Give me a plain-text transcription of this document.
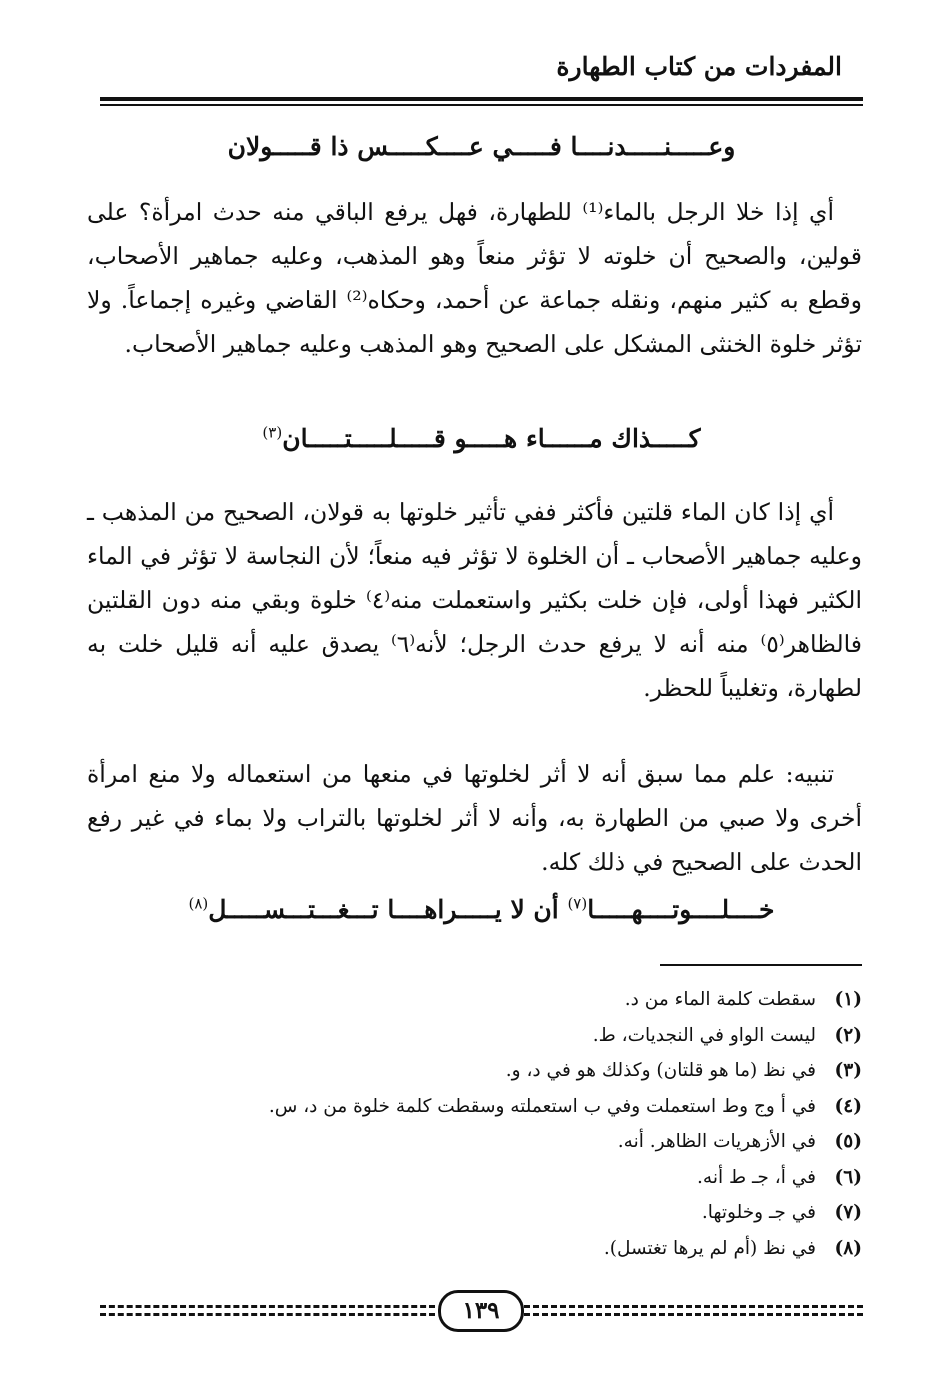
المفردات من كتاب الطهارة
وعـــــنـــــدنــــا فـــــي عــــكـــــس ذا قـــــولان
أي إذا خلا الرجل بالماء⁽¹⁾ للطهارة، فهل يرفع الباقي منه حدث امرأة؟ على قولين، والصحيح أن خلوته لا تؤثر منعاً وهو المذهب، وعليه جماهير الأصحاب، وقطع به كثير منهم، ونقله جماعة عن أحمد، وحكاه⁽²⁾ القاضي وغيره إجماعاً. ولا تؤثر خلوة الخنثى المشكل على الصحيح وهو المذهب وعليه جماهير الأصحاب.
كـــــذاك مــــــاء هـــــو قـــــلـــــتـــــان$^{(٣)}$
أي إذا كان الماء قلتين فأكثر ففي تأثير خلوتها به قولان، الصحيح من المذهب ـ وعليه جماهير الأصحاب ـ أن الخلوة لا تؤثر فيه منعاً؛ لأن النجاسة لا تؤثر في الماء الكثير فهذا أولى، فإن خلت بكثير واستعملت منه⁽٤⁾ خلوة وبقي منه دون القلتين فالظاهر⁽٥⁾ منه أنه لا يرفع حدث الرجل؛ لأنه⁽٦⁾ يصدق عليه أنه قليل خلت به لطهارة، وتغليباً للحظر.
تنبيه: علم مما سبق أنه لا أثر لخلوتها في منعها من استعماله ولا منع امرأة أخرى ولا صبي من الطهارة به، وأنه لا أثر لخلوتها بالتراب ولا بماء في غير رفع الحدث على الصحيح في ذلك كله.
خــــلــــوتــــهـــــا$^{(٧)}$ أن لا يـــــراهــــا تـــغـــتـــســـــل$^{(٨)}$
(١)سقطت كلمة الماء من د.
(٢)ليست الواو في النجديات، ط.
(٣)في نظ (ما هو قلتان) وكذلك هو في د، و.
(٤)في أ وج وط استعملت وفي ب استعملته وسقطت كلمة خلوة من د، س.
(٥)في الأزهريات الظاهر. أنه.
(٦)في أ، جـ ط أنه.
(٧)في جـ وخلوتها.
(٨)في نظ (أم لم يرها تغتسل).
١٣٩
